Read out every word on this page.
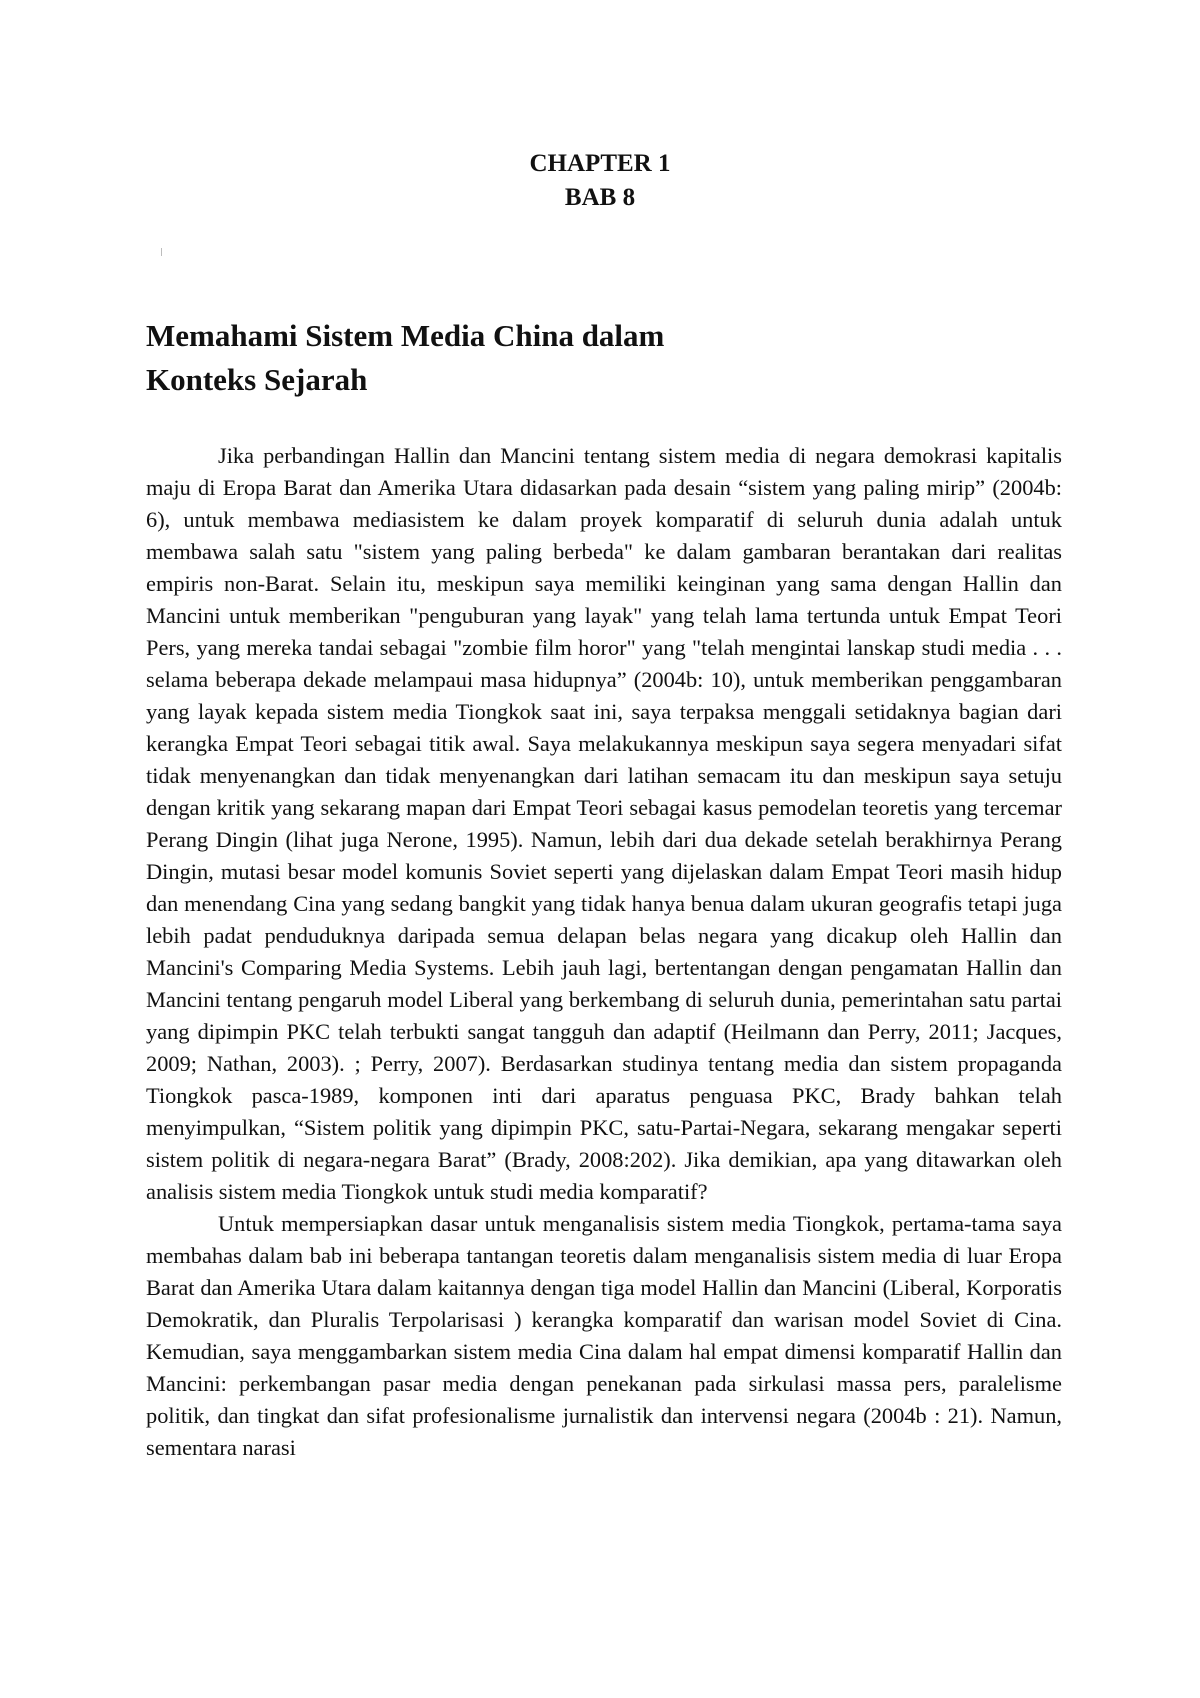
CHAPTER 1
BAB 8
Memahami Sistem Media China dalam
Konteks Sejarah

Jika perbandingan Hallin dan Mancini tentang sistem media di negara demokrasi kapitalis maju di Eropa Barat dan Amerika Utara didasarkan pada desain “sistem yang paling mirip” (2004b: 6), untuk membawa mediasistem ke dalam proyek komparatif di seluruh dunia adalah untuk membawa salah satu "sistem yang paling berbeda" ke dalam gambaran berantakan dari realitas empiris non-Barat. Selain itu, meskipun saya memiliki keinginan yang sama dengan Hallin dan Mancini untuk memberikan "penguburan yang layak" yang telah lama tertunda untuk Empat Teori Pers, yang mereka tandai sebagai "zombie film horor" yang "telah mengintai lanskap studi media . . . selama beberapa dekade melampaui masa hidupnya” (2004b: 10), untuk memberikan penggambaran yang layak kepada sistem media Tiongkok saat ini, saya terpaksa menggali setidaknya bagian dari kerangka Empat Teori sebagai titik awal. Saya melakukannya meskipun saya segera menyadari sifat tidak menyenangkan dan tidak menyenangkan dari latihan semacam itu dan meskipun saya setuju dengan kritik yang sekarang mapan dari Empat Teori sebagai kasus pemodelan teoretis yang tercemar Perang Dingin (lihat juga Nerone, 1995). Namun, lebih dari dua dekade setelah berakhirnya Perang Dingin, mutasi besar model komunis Soviet seperti yang dijelaskan dalam Empat Teori masih hidup dan menendang Cina yang sedang bangkit yang tidak hanya benua dalam ukuran geografis tetapi juga lebih padat penduduknya daripada semua delapan belas negara yang dicakup oleh Hallin dan Mancini's Comparing Media Systems. Lebih jauh lagi, bertentangan dengan pengamatan Hallin dan Mancini tentang pengaruh model Liberal yang berkembang di seluruh dunia, pemerintahan satu partai yang dipimpin PKC telah terbukti sangat tangguh dan adaptif (Heilmann dan Perry, 2011; Jacques, 2009; Nathan, 2003). ; Perry, 2007). Berdasarkan studinya tentang media dan sistem propaganda Tiongkok pasca-1989, komponen inti dari aparatus penguasa PKC, Brady bahkan telah menyimpulkan, “Sistem politik yang dipimpin PKC, satu-Partai-Negara, sekarang mengakar seperti sistem politik di negara-negara Barat” (Brady, 2008:202). Jika demikian, apa yang ditawarkan oleh analisis sistem media Tiongkok untuk studi media komparatif?

Untuk mempersiapkan dasar untuk menganalisis sistem media Tiongkok, pertama-tama saya membahas dalam bab ini beberapa tantangan teoretis dalam menganalisis sistem media di luar Eropa Barat dan Amerika Utara dalam kaitannya dengan tiga model Hallin dan Mancini (Liberal, Korporatis Demokratik, dan Pluralis Terpolarisasi ) kerangka komparatif dan warisan model Soviet di Cina. Kemudian, saya menggambarkan sistem media Cina dalam hal empat dimensi komparatif Hallin dan Mancini: perkembangan pasar media dengan penekanan pada sirkulasi massa pers, paralelisme politik, dan tingkat dan sifat profesionalisme jurnalistik dan intervensi negara (2004b : 21). Namun, sementara narasi
